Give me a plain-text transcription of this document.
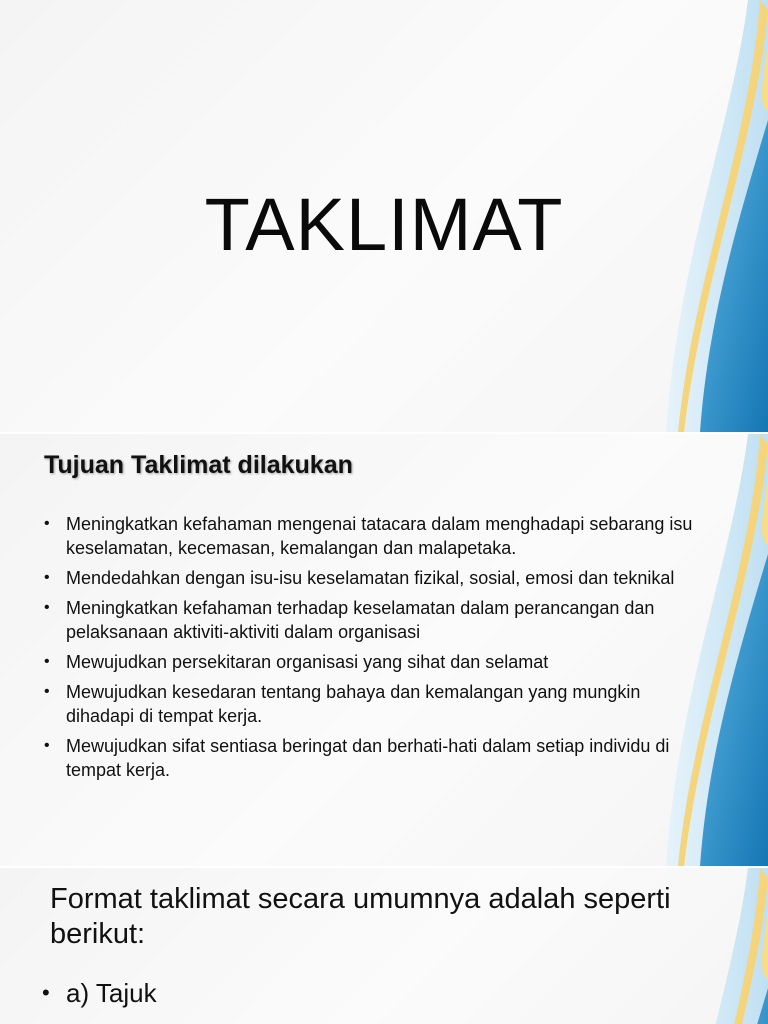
TAKLIMAT
Tujuan Taklimat dilakukan
• Meningkatkan kefahaman mengenai tatacara dalam menghadapi sebarang isu keselamatan, kecemasan, kemalangan dan malapetaka.
• Mendedahkan dengan isu-isu keselamatan fizikal, sosial, emosi dan teknikal
• Meningkatkan kefahaman terhadap keselamatan dalam perancangan dan pelaksanaan aktiviti-aktiviti dalam organisasi
• Mewujudkan persekitaran organisasi yang sihat dan selamat
• Mewujudkan kesedaran tentang bahaya dan kemalangan yang mungkin dihadapi di tempat kerja.
• Mewujudkan sifat sentiasa beringat dan berhati-hati dalam setiap individu di tempat kerja.
Format taklimat secara umumnya adalah seperti berikut:
• a) Tajuk
